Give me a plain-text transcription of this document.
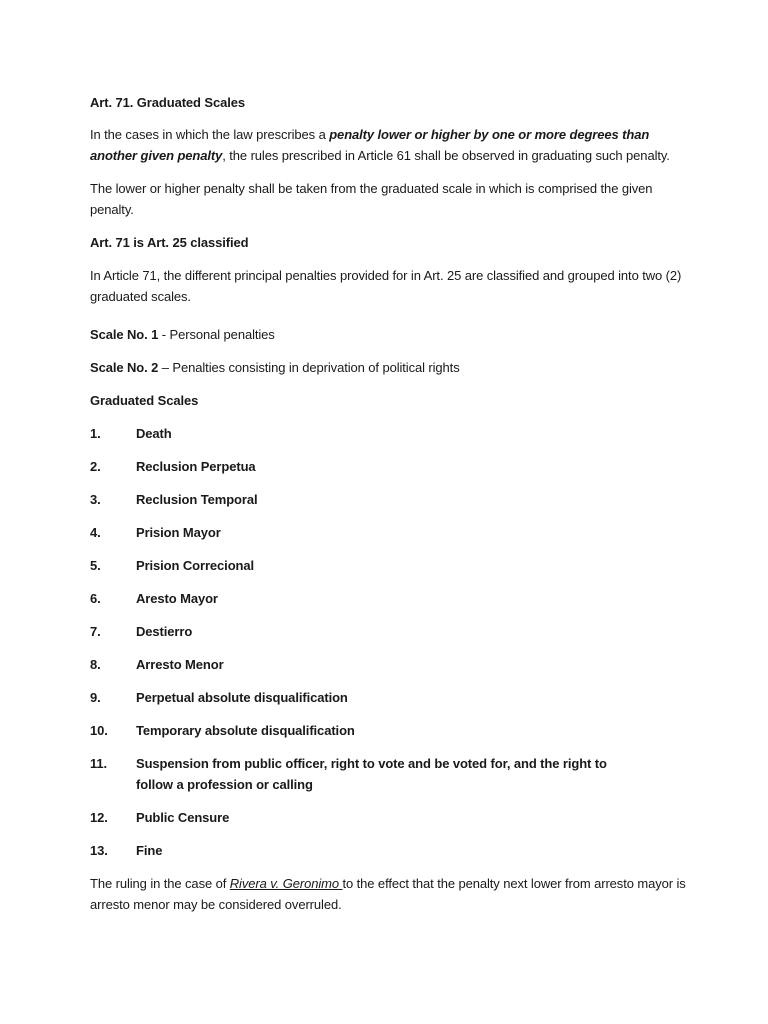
Art. 71. Graduated Scales

In the cases in which the law prescribes a penalty lower or higher by one or more degrees than another given penalty, the rules prescribed in Article 61 shall be observed in graduating such penalty.

The lower or higher penalty shall be taken from the graduated scale in which is comprised the given penalty.

Art. 71 is Art. 25 classified

In Article 71, the different principal penalties provided for in Art. 25 are classified and grouped into two (2) graduated scales.

Scale No. 1 - Personal penalties

Scale No. 2 – Penalties consisting in deprivation of political rights

Graduated Scales

1.	Death
2.	Reclusion Perpetua
3.	Reclusion Temporal
4.	Prision Mayor
5.	Prision Correcional
6.	Aresto Mayor
7.	Destierro
8.	Arresto Menor
9.	Perpetual absolute disqualification
10.	Temporary absolute disqualification
11.	Suspension from public officer, right to vote and be voted for, and the right to follow a profession or calling
12.	Public Censure
13.	Fine

The ruling in the case of Rivera v. Geronimo to the effect that the penalty next lower from arresto mayor is arresto menor may be considered overruled.
